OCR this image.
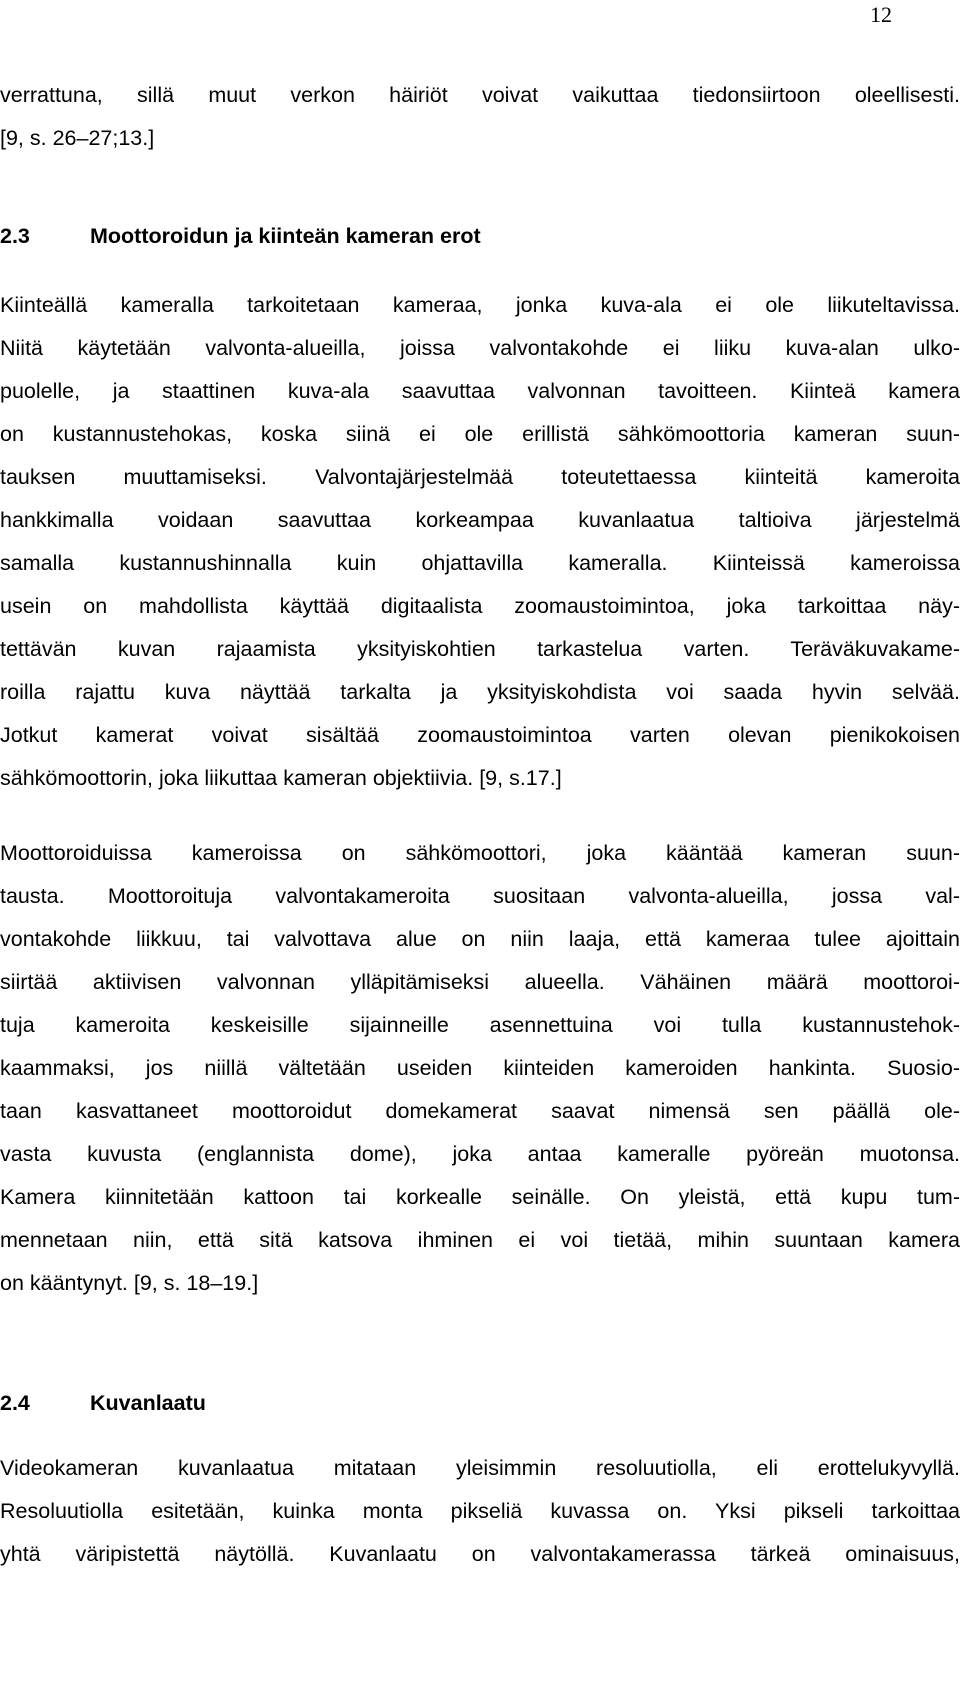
12
verrattuna, sillä muut verkon häiriöt voivat vaikuttaa tiedonsiirtoon oleellisesti.
[9, s. 26–27;13.]
2.3	Moottoroidun ja kiinteän kameran erot
Kiinteällä kameralla tarkoitetaan kameraa, jonka kuva-ala ei ole liikuteltavissa.
Niitä käytetään valvonta-alueilla, joissa valvontakohde ei liiku kuva-alan ulko-
puolelle, ja staattinen kuva-ala saavuttaa valvonnan tavoitteen. Kiinteä kamera
on kustannustehokas, koska siinä ei ole erillistä sähkömoottoria kameran suun-
tauksen muuttamiseksi. Valvontajärjestelmää toteutettaessa kiinteitä kameroita
hankkimalla voidaan saavuttaa korkeampaa kuvanlaatua taltioiva järjestelmä
samalla kustannushinnalla kuin ohjattavilla kameralla. Kiinteissä kameroissa
usein on mahdollista käyttää digitaalista zoomaustoimintoa, joka tarkoittaa näy-
tettävän kuvan rajaamista yksityiskohtien tarkastelua varten. Teräväkuvakame-
roilla rajattu kuva näyttää tarkalta ja yksityiskohdista voi saada hyvin selvää.
Jotkut kamerat voivat sisältää zoomaustoimintoa varten olevan pienikokoisen
sähkömoottorin, joka liikuttaa kameran objektiivia. [9, s.17.]
Moottoroiduissa kameroissa on sähkömoottori, joka kääntää kameran suun-
tausta. Moottoroituja valvontakameroita suositaan valvonta-alueilla, jossa val-
vontakohde liikkuu, tai valvottava alue on niin laaja, että kameraa tulee ajoittain
siirtää aktiivisen valvonnan ylläpitämiseksi alueella. Vähäinen määrä moottoroi-
tuja kameroita keskeisille sijainneille asennettuina voi tulla kustannustehok-
kaammaksi, jos niillä vältetään useiden kiinteiden kameroiden hankinta. Suosio-
taan kasvattaneet moottoroidut domekamerat saavat nimensä sen päällä ole-
vasta kuvusta (englannista dome), joka antaa kameralle pyöreän muotonsa.
Kamera kiinnitetään kattoon tai korkealle seinälle. On yleistä, että kupu tum-
mennetaan niin, että sitä katsova ihminen ei voi tietää, mihin suuntaan kamera
on kääntynyt. [9, s. 18–19.]
2.4	Kuvanlaatu
Videokameran kuvanlaatua mitataan yleisimmin resoluutiolla, eli erottelukyvyllä.
Resoluutiolla esitetään, kuinka monta pikseliä kuvassa on. Yksi pikseli tarkoittaa
yhtä väripistettä näytöllä. Kuvanlaatu on valvontakamerassa tärkeä ominaisuus,
